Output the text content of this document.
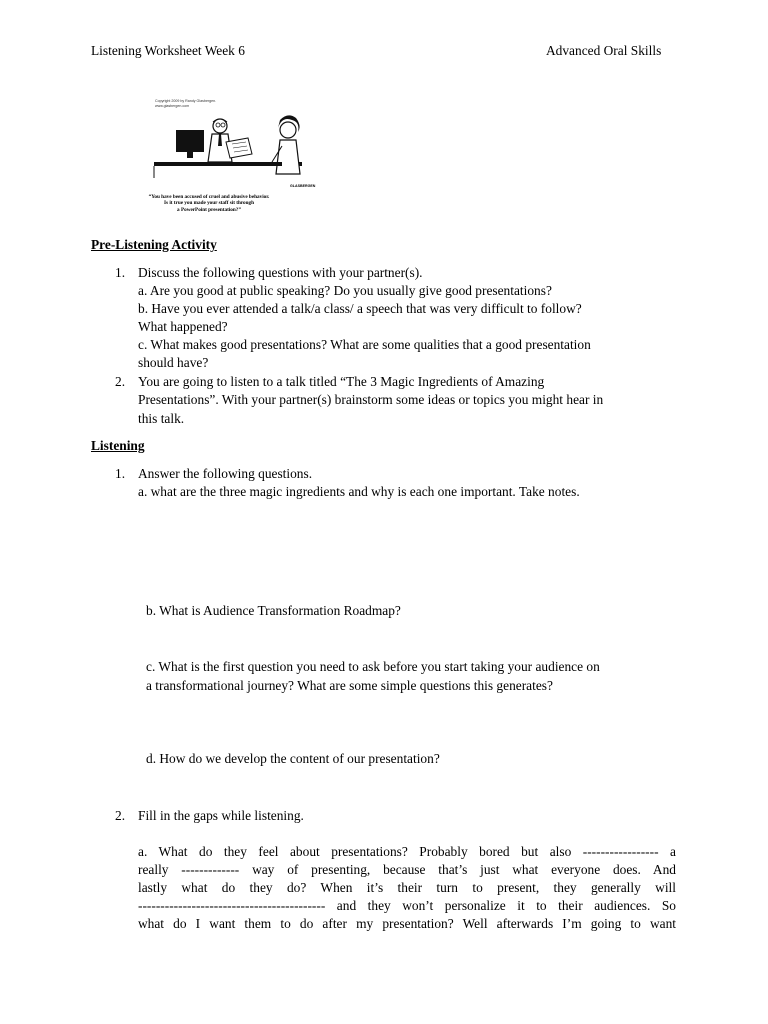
Listening Worksheet Week 6	Advanced Oral Skills
Copyright 2009 by Randy Glasbergen.
www.glasbergen.com
GLASBERGEN
“You have been accused of cruel and abusive behavior.
Is it true you made your staff sit through
a PowerPoint presentation?”
Pre-Listening Activity
1. Discuss the following questions with your partner(s).
a. Are you good at public speaking? Do you usually give good presentations?
b. Have you ever attended a talk/a class/ a speech that was very difficult to follow?
What happened?
c. What makes good presentations? What are some qualities that a good presentation
should have?
2. You are going to listen to a talk titled “The 3 Magic Ingredients of Amazing
Presentations”. With your partner(s) brainstorm some ideas or topics you might hear in
this talk.
Listening
1. Answer the following questions.
a. what are the three magic ingredients and why is each one important. Take notes.
b. What is Audience Transformation Roadmap?
c. What is the first question you need to ask before you start taking your audience on
a transformational journey? What are some simple questions this generates?
d. How do we develop the content of our presentation?
2. Fill in the gaps while listening.
a. What do they feel about presentations? Probably bored but also ----------------- a
really ------------- way of presenting, because that’s just what everyone does. And
lastly what do they do? When it’s their turn to present, they generally will
------------------------------------------ and they won’t personalize it to their audiences. So
what do I want them to do after my presentation? Well afterwards I’m going to want
